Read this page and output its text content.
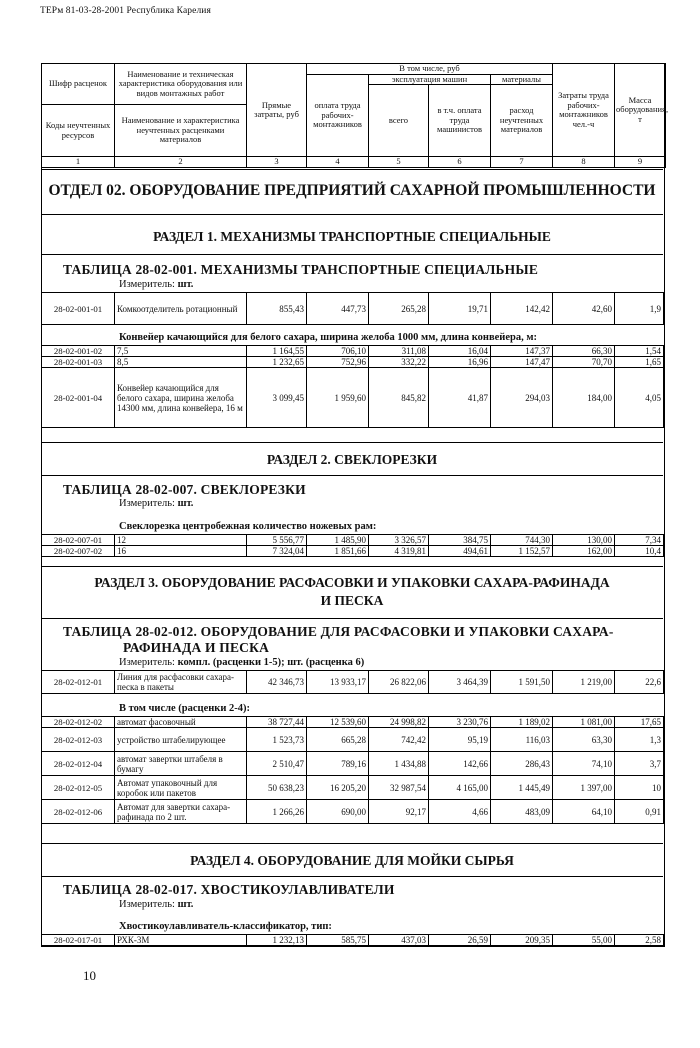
ТЕРм 81-03-28-2001 Республика Карелия
Шифр расценок	Наименование и техническая характеристика оборудования или видов монтажных работ	Прямые затраты, руб	В том числе, руб				Затраты труда рабочих-монтажников чел.-ч	Масса оборудования, т
			оплата труда рабочих-монтажников	эксплуатация машин		материалы		
				всего	в т.ч. оплата труда машинистов	расход неучтенных материалов		
Коды неучтенных ресурсов	Наименование и характеристика неучтенных расценками материалов							

1	2	3	4	5	6	7	8	9
ОТДЕЛ 02. ОБОРУДОВАНИЕ ПРЕДПРИЯТИЙ САХАРНОЙ ПРОМЫШЛЕННОСТИ
РАЗДЕЛ 1. МЕХАНИЗМЫ ТРАНСПОРТНЫЕ СПЕЦИАЛЬНЫЕ
ТАБЛИЦА 28-02-001. МЕХАНИЗМЫ ТРАНСПОРТНЫЕ СПЕЦИАЛЬНЫЕ
Измеритель: шт.
28-02-001-01	Комкоотделитель ротационный	855,43	447,73	265,28	19,71	142,42	42,60	1,9
Конвейер качающийся для белого сахара, ширина желоба 1000 мм, длина конвейера, м:
28-02-001-02	7,5	1 164,55	706,10	311,08	16,04	147,37	66,30	1,54
28-02-001-03	8,5	1 232,65	752,96	332,22	16,96	147,47	70,70	1,65
28-02-001-04	Конвейер качающийся для белого сахара, ширина желоба 14300 мм, длина конвейера, 16 м	3 099,45	1 959,60	845,82	41,87	294,03	184,00	4,05
РАЗДЕЛ 2. СВЕКЛОРЕЗКИ
ТАБЛИЦА 28-02-007. СВЕКЛОРЕЗКИ
Измеритель: шт.
Свеклорезка центробежная количество ножевых рам:
28-02-007-01	12	5 556,77	1 485,90	3 326,57	384,75	744,30	130,00	7,34
28-02-007-02	16	7 324,04	1 851,66	4 319,81	494,61	1 152,57	162,00	10,4
РАЗДЕЛ 3. ОБОРУДОВАНИЕ РАСФАСОВКИ И УПАКОВКИ САХАРА-РАФИНАДА
И ПЕСКА
ТАБЛИЦА 28-02-012. ОБОРУДОВАНИЕ ДЛЯ РАСФАСОВКИ И УПАКОВКИ САХАРА-
РАФИНАДА И ПЕСКА
Измеритель: компл. (расценки 1-5); шт. (расценка 6)
28-02-012-01	Линия для расфасовки сахара-песка в пакеты	42 346,73	13 933,17	26 822,06	3 464,39	1 591,50	1 219,00	22,6
В том числе (расценки 2-4):
28-02-012-02	автомат фасовочный	38 727,44	12 539,60	24 998,82	3 230,76	1 189,02	1 081,00	17,65
28-02-012-03	устройство штабелирующее	1 523,73	665,28	742,42	95,19	116,03	63,30	1,3
28-02-012-04	автомат завертки штабеля в бумагу	2 510,47	789,16	1 434,88	142,66	286,43	74,10	3,7
28-02-012-05	Автомат упаковочный для коробок или пакетов	50 638,23	16 205,20	32 987,54	4 165,00	1 445,49	1 397,00	10
28-02-012-06	Автомат для завертки сахара-рафинада по 2 шт.	1 266,26	690,00	92,17	4,66	483,09	64,10	0,91
РАЗДЕЛ 4. ОБОРУДОВАНИЕ ДЛЯ МОЙКИ СЫРЬЯ
ТАБЛИЦА 28-02-017. ХВОСТИКОУЛАВЛИВАТЕЛИ
Измеритель: шт.
Хвостикоулавливатель-классификатор, тип:
28-02-017-01	РХК-3М	1 232,13	585,75	437,03	26,59	209,35	55,00	2,58
10
